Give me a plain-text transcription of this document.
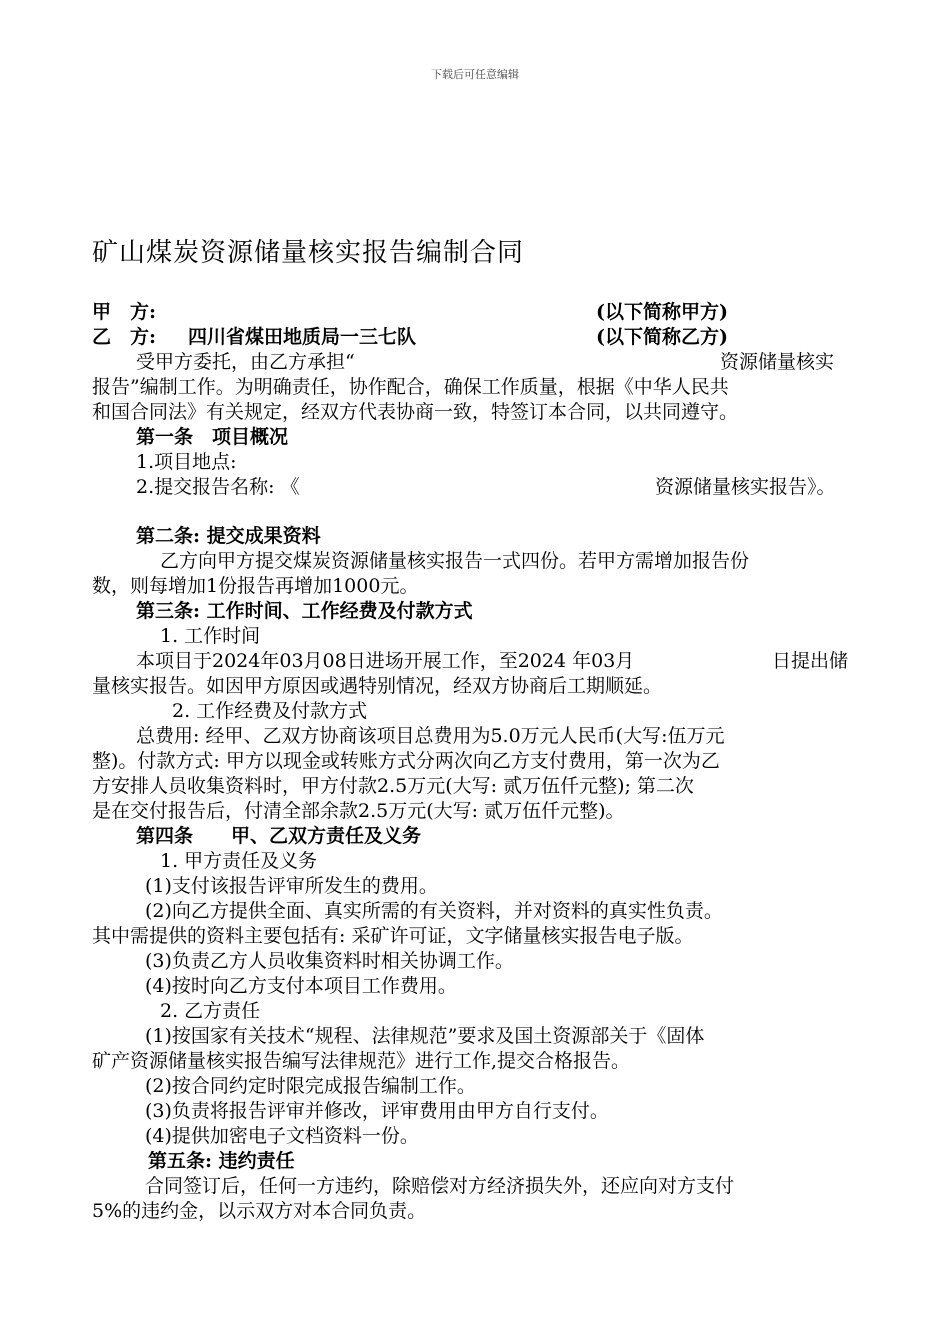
下载后可任意编辑
矿山煤炭资源储量核实报告编制合同
甲　方:	(以下简称甲方)
乙　方: 四川省煤田地质局一三七队	(以下简称乙方)
受甲方委托，由乙方承担“	资源储量核实
报告”编制工作。为明确责任，协作配合，确保工作质量，根据《中华人民共
和国合同法》有关规定，经双方代表协商一致，特签订本合同，以共同遵守。
第一条　项目概况
1.项目地点:
2.提交报告名称: 《	资源储量核实报告》。
第二条: 提交成果资料
乙方向甲方提交煤炭资源储量核实报告一式四份。若甲方需增加报告份
数，则每增加1份报告再增加1000元。
第三条: 工作时间、工作经费及付款方式
1. 工作时间
本项目于2024年03月08日进场开展工作，至2024 年03月	日提出储
量核实报告。如因甲方原因或遇特别情况，经双方协商后工期顺延。
2. 工作经费及付款方式
总费用: 经甲、乙双方协商该项目总费用为5.0万元人民币(大写:伍万元
整)。付款方式: 甲方以现金或转账方式分两次向乙方支付费用，第一次为乙
方安排人员收集资料时，甲方付款2.5万元(大写: 贰万伍仟元整); 第二次
是在交付报告后，付清全部余款2.5万元(大写: 贰万伍仟元整)。
第四条　　甲、乙双方责任及义务
1. 甲方责任及义务
(1)支付该报告评审所发生的费用。
(2)向乙方提供全面、真实所需的有关资料，并对资料的真实性负责。
其中需提供的资料主要包括有: 采矿许可证，文字储量核实报告电子版。
(3)负责乙方人员收集资料时相关协调工作。
(4)按时向乙方支付本项目工作费用。
2. 乙方责任
(1)按国家有关技术“规程、法律规范”要求及国土资源部关于《固体
矿产资源储量核实报告编写法律规范》进行工作,提交合格报告。
(2)按合同约定时限完成报告编制工作。
(3)负责将报告评审并修改，评审费用由甲方自行支付。
(4)提供加密电子文档资料一份。
第五条: 违约责任
合同签订后，任何一方违约，除赔偿对方经济损失外，还应向对方支付
5%的违约金，以示双方对本合同负责。
